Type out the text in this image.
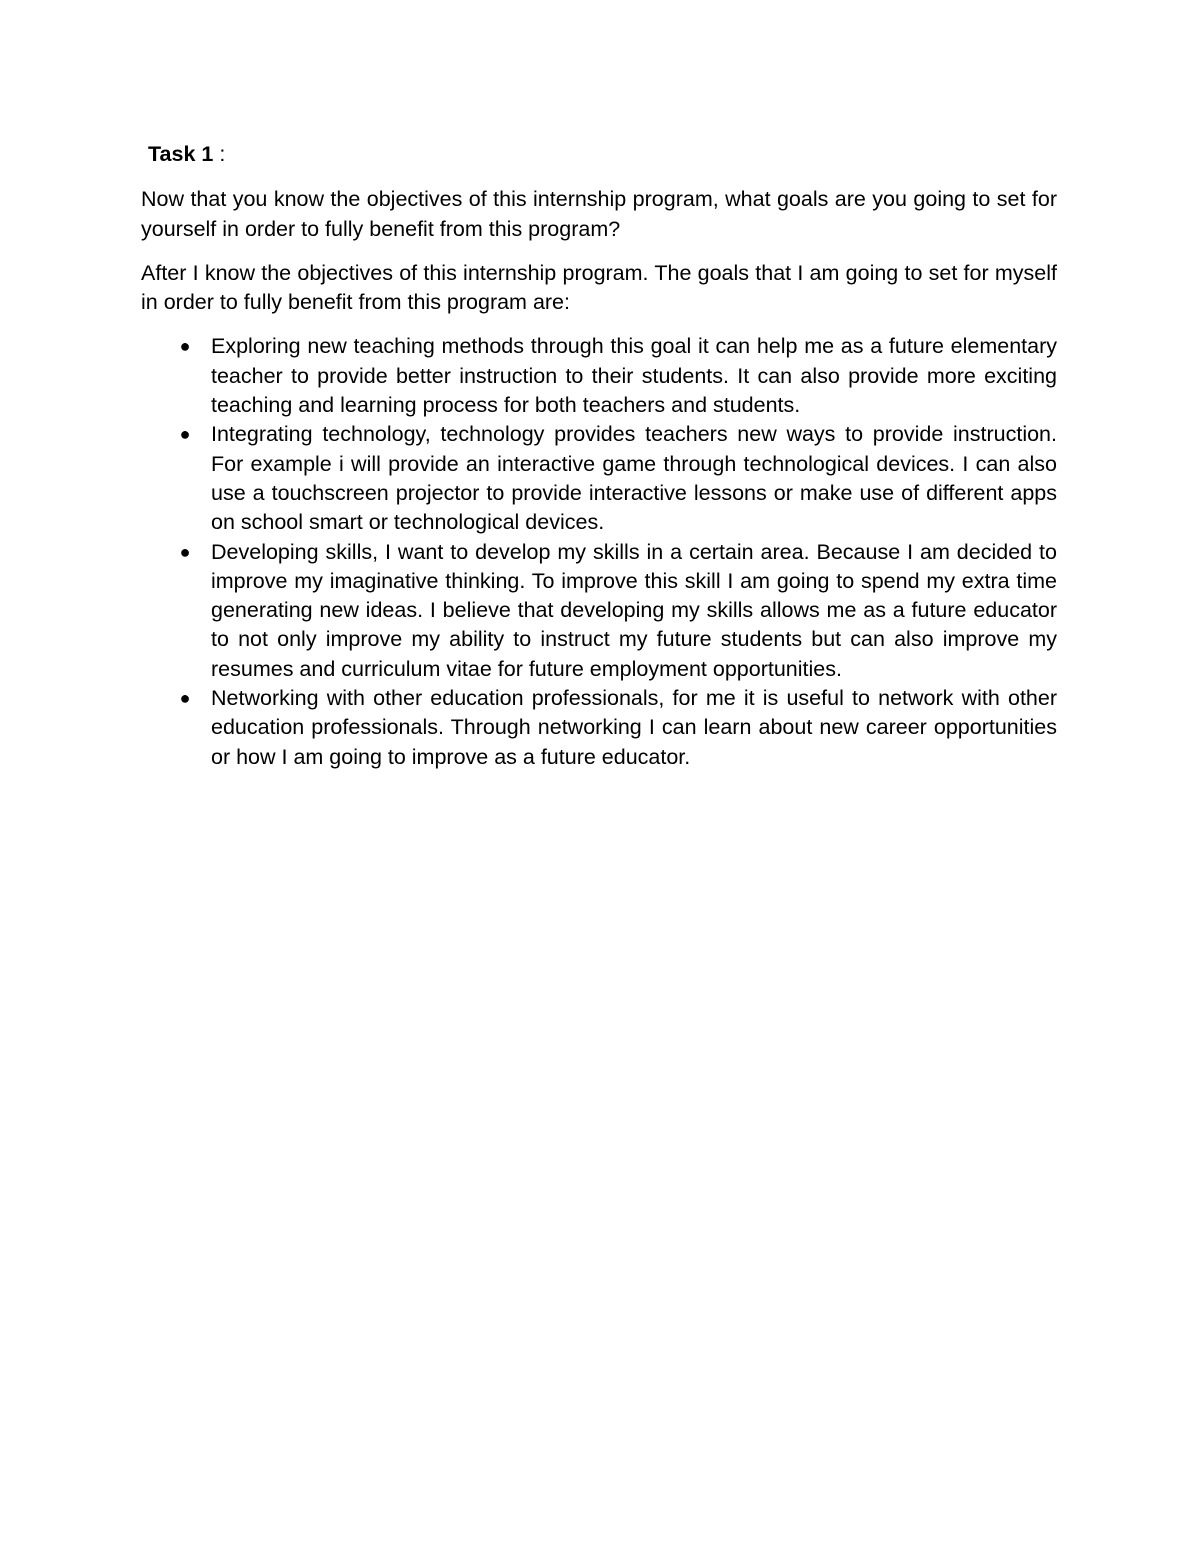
Task 1 :

Now that you know the objectives of this internship program, what goals are you going to set for yourself in order to fully benefit from this program?

After I know the objectives of this internship program. The goals that I am going to set for myself in order to fully benefit from this program are:

● Exploring new teaching methods through this goal it can help me as a future elementary teacher to provide better instruction to their students. It can also provide more exciting teaching and learning process for both teachers and students.
● Integrating technology, technology provides teachers new ways to provide instruction. For example i will provide an interactive game through technological devices. I can also use a touchscreen projector to provide interactive lessons or make use of different apps on school smart or technological devices.
● Developing skills, I want to develop my skills in a certain area. Because I am decided to improve my imaginative thinking. To improve this skill I am going to spend my extra time generating new ideas. I believe that developing my skills allows me as a future educator to not only improve my ability to instruct my future students but can also improve my resumes and curriculum vitae for future employment opportunities.
● Networking with other education professionals, for me it is useful to network with other education professionals. Through networking I can learn about new career opportunities or how I am going to improve as a future educator.
